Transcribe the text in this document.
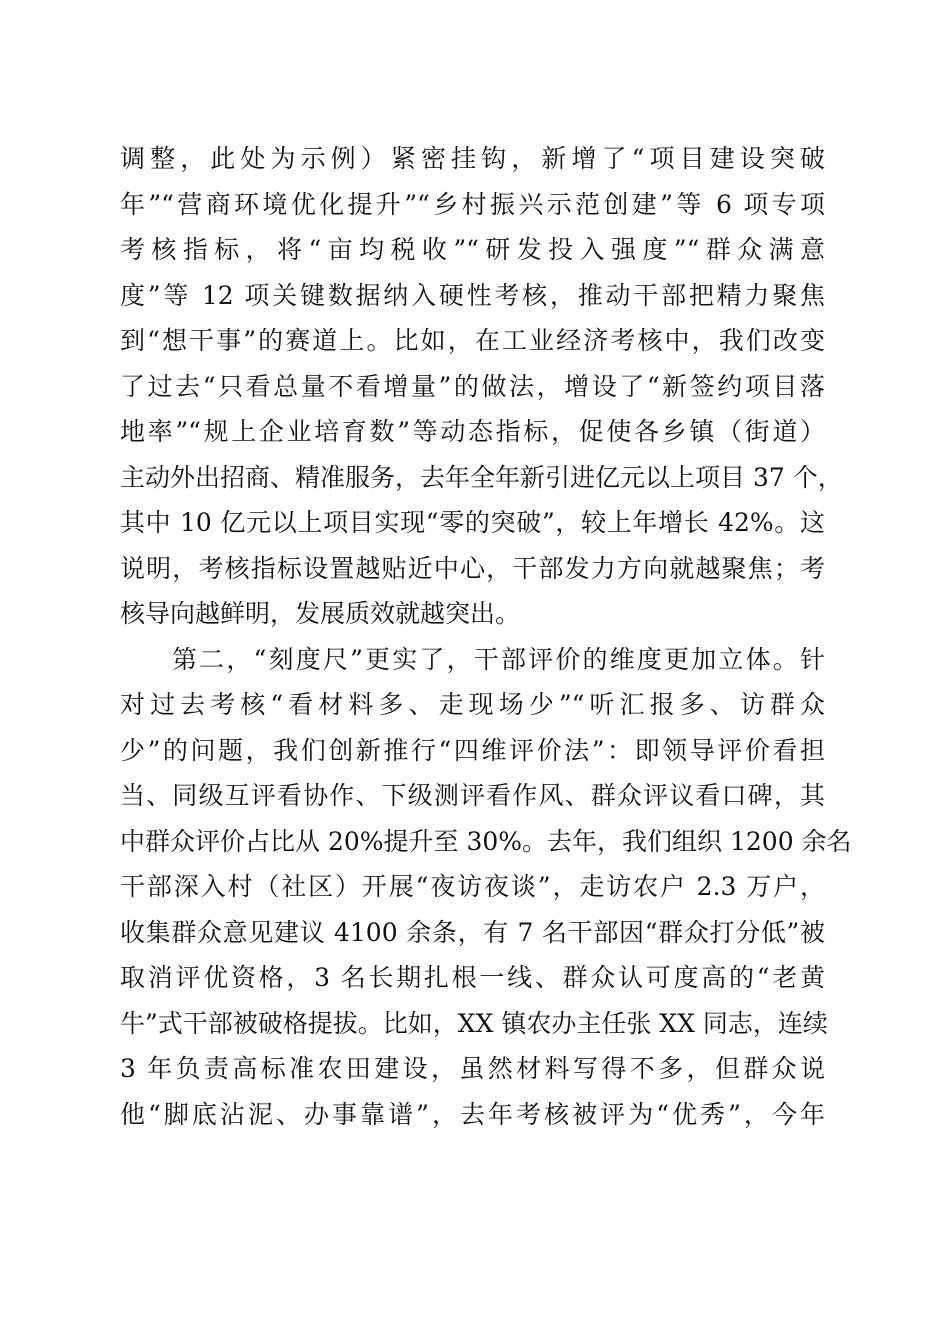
调整，此处为示例）紧密挂钩，新增了“项目建设突破
年”“营商环境优化提升”“乡村振兴示范创建”等 6 项专项
考核指标，将“亩均税收”“研发投入强度”“群众满意
度”等 12 项关键数据纳入硬性考核，推动干部把精力聚焦
到“想干事”的赛道上。比如，在工业经济考核中，我们改变
了过去“只看总量不看增量”的做法，增设了“新签约项目落
地率”“规上企业培育数”等动态指标，促使各乡镇（街道）
主动外出招商、精准服务，去年全年新引进亿元以上项目 37 个，
其中 10 亿元以上项目实现“零的突破”，较上年增长 42%。这
说明，考核指标设置越贴近中心，干部发力方向就越聚焦；考
核导向越鲜明，发展质效就越突出。
第二，“刻度尺”更实了，干部评价的维度更加立体。针
对过去考核“看材料多、走现场少”“听汇报多、访群众
少”的问题，我们创新推行“四维评价法”：即领导评价看担
当、同级互评看协作、下级测评看作风、群众评议看口碑，其
中群众评价占比从 20%提升至 30%。去年，我们组织 1200 余名
干部深入村（社区）开展“夜访夜谈”，走访农户 2.3 万户，
收集群众意见建议 4100 余条，有 7 名干部因“群众打分低”被
取消评优资格，3 名长期扎根一线、群众认可度高的“老黄
牛”式干部被破格提拔。比如，XX 镇农办主任张 XX 同志，连续
3 年负责高标准农田建设，虽然材料写得不多，但群众说
他“脚底沾泥、办事靠谱”，去年考核被评为“优秀”，今年
